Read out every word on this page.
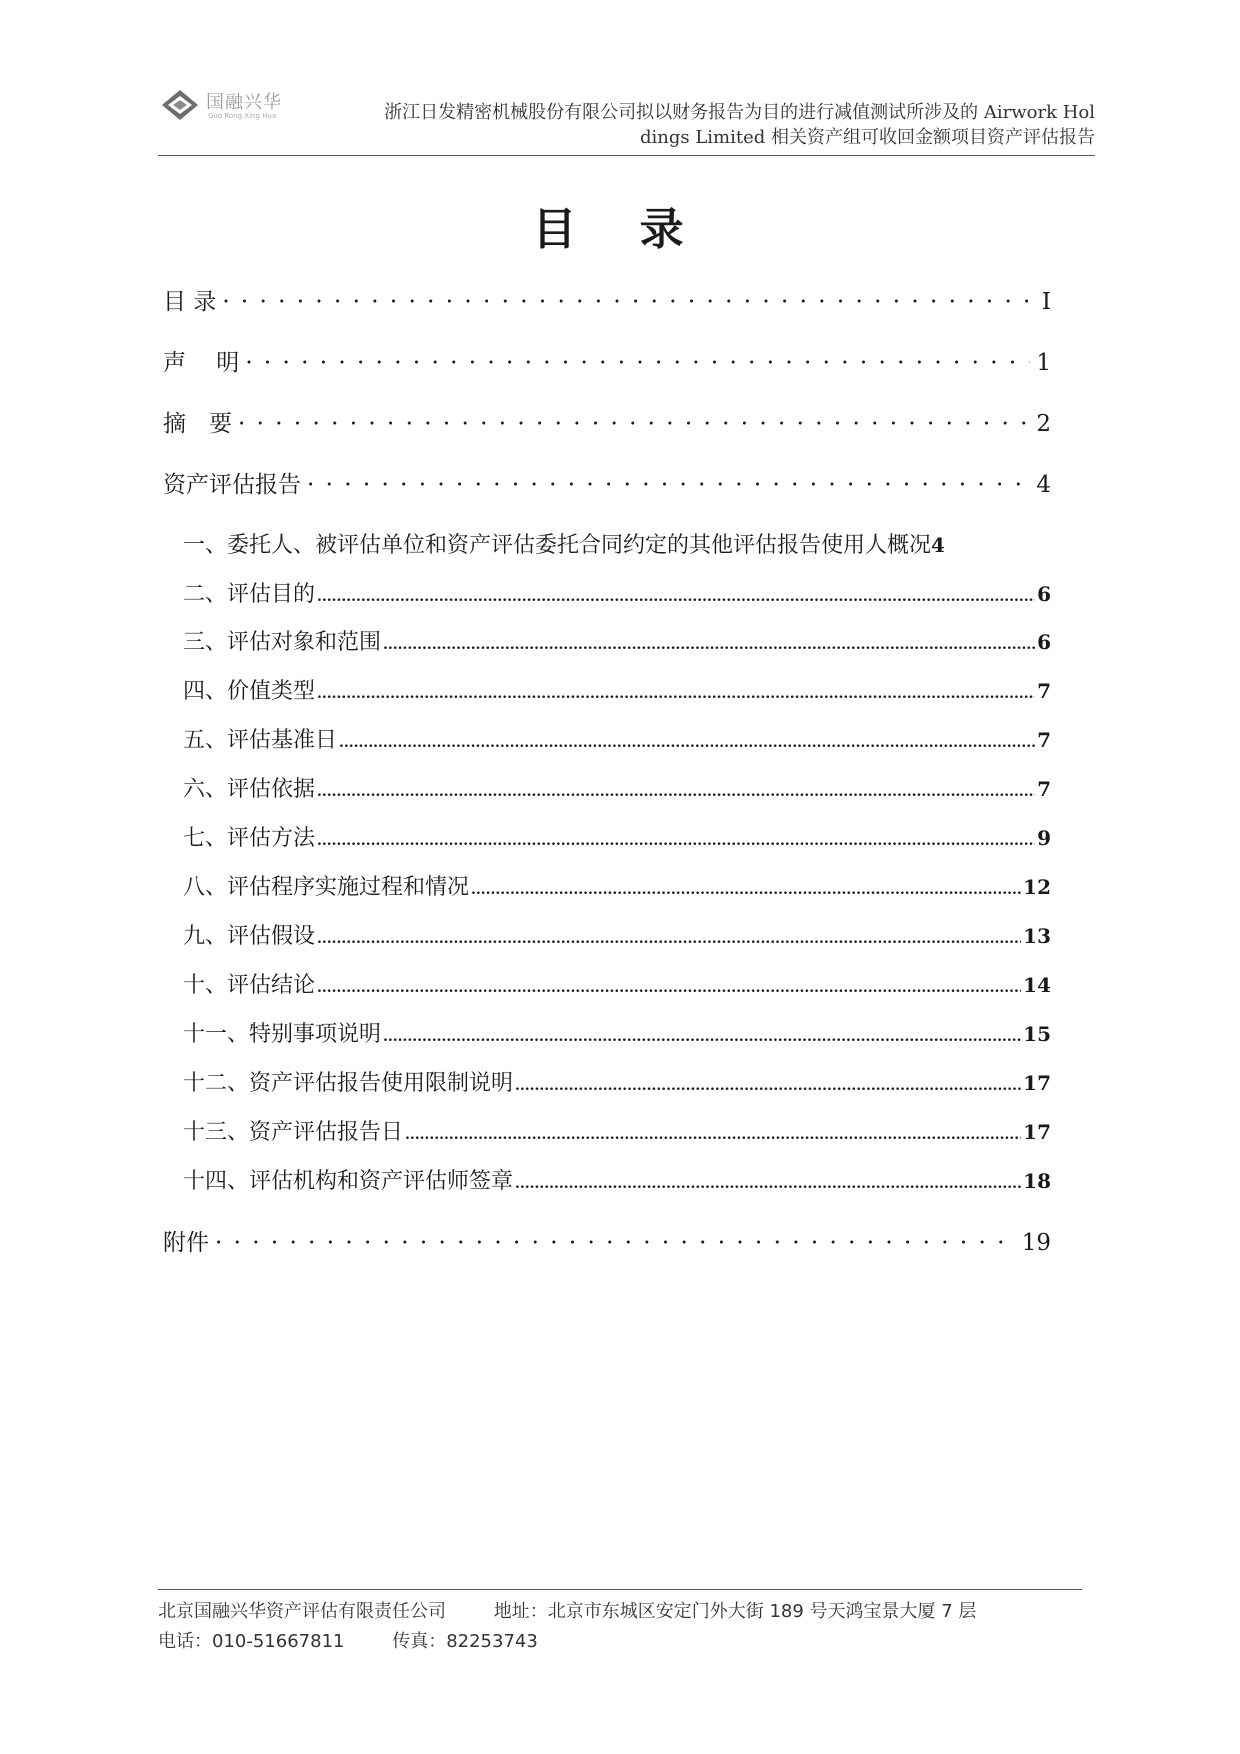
国融兴华
Guo Rong Xing Hua	浙江日发精密机械股份有限公司拟以财务报告为目的进行减值测试所涉及的 Airwork Hol
dings Limited 相关资产组可收回金额项目资产评估报告
目 录
目 录 · · ·	I
声　 明 · · ·	1
摘　要 · · ·	2
资产评估报告 · · ·	4
一、委托人、被评估单位和资产评估委托合同约定的其他评估报告使用人概况 4
二、评估目的 .....	6
三、评估对象和范围 .....	6
四、价值类型 .....	7
五、评估基准日 .....	7
六、评估依据 .....	7
七、评估方法 .....	9
八、评估程序实施过程和情况 .....	12
九、评估假设 .....	13
十、评估结论 .....	14
十一、特别事项说明 .....	15
十二、资产评估报告使用限制说明 .....	17
十三、资产评估报告日 .....	17
十四、评估机构和资产评估师签章 .....	18
附件 · · ·	19
北京国融兴华资产评估有限责任公司	地址：北京市东城区安定门外大街 189 号天鸿宝景大厦 7 层
电话：010-51667811	传真：82253743
